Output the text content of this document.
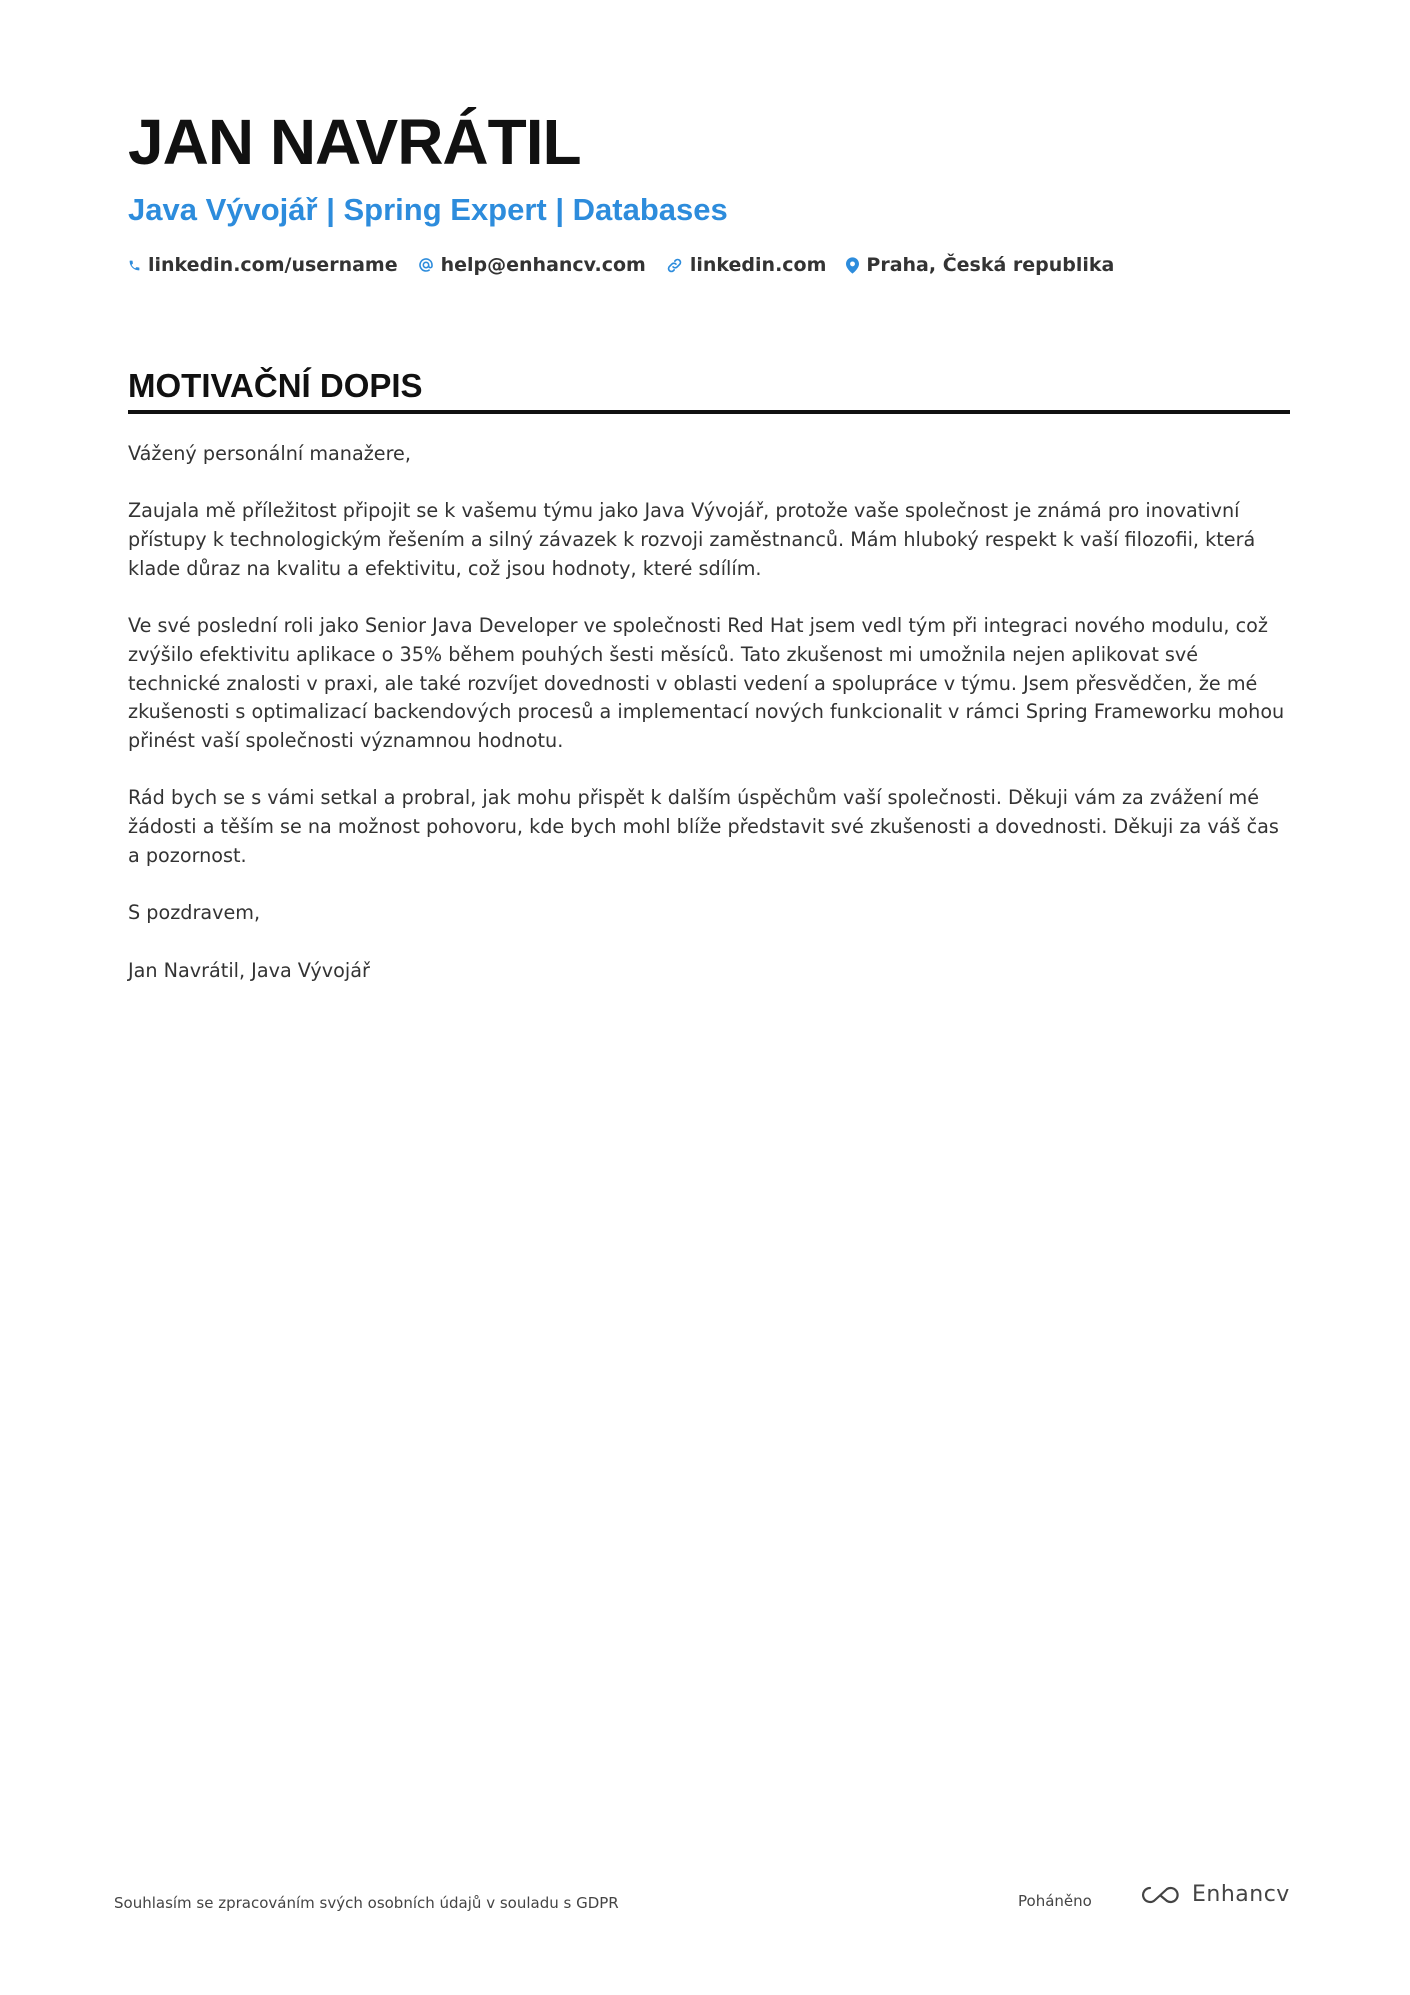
JAN NAVRÁTIL
Java Vývojář | Spring Expert | Databases
linkedin.com/username help@enhancv.com linkedin.com Praha, Česká republika
MOTIVAČNÍ DOPIS

Vážený personální manažere,

Zaujala mě příležitost připojit se k vašemu týmu jako Java Vývojář, protože vaše společnost je známá pro inovativní přístupy k technologickým řešením a silný závazek k rozvoji zaměstnanců. Mám hluboký respekt k vaší filozofii, která klade důraz na kvalitu a efektivitu, což jsou hodnoty, které sdílím.

Ve své poslední roli jako Senior Java Developer ve společnosti Red Hat jsem vedl tým při integraci nového modulu, což zvýšilo efektivitu aplikace o 35% během pouhých šesti měsíců. Tato zkušenost mi umožnila nejen aplikovat své technické znalosti v praxi, ale také rozvíjet dovednosti v oblasti vedení a spolupráce v týmu. Jsem přesvědčen, že mé zkušenosti s optimalizací backendových procesů a implementací nových funkcionalit v rámci Spring Frameworku mohou přinést vaší společnosti významnou hodnotu.

Rád bych se s vámi setkal a probral, jak mohu přispět k dalším úspěchům vaší společnosti. Děkuji vám za zvážení mé žádosti a těším se na možnost pohovoru, kde bych mohl blíže představit své zkušenosti a dovednosti. Děkuji za váš čas a pozornost.

S pozdravem,

Jan Navrátil, Java Vývojář

Souhlasím se zpracováním svých osobních údajů v souladu s GDPR	Poháněno	Enhancv
